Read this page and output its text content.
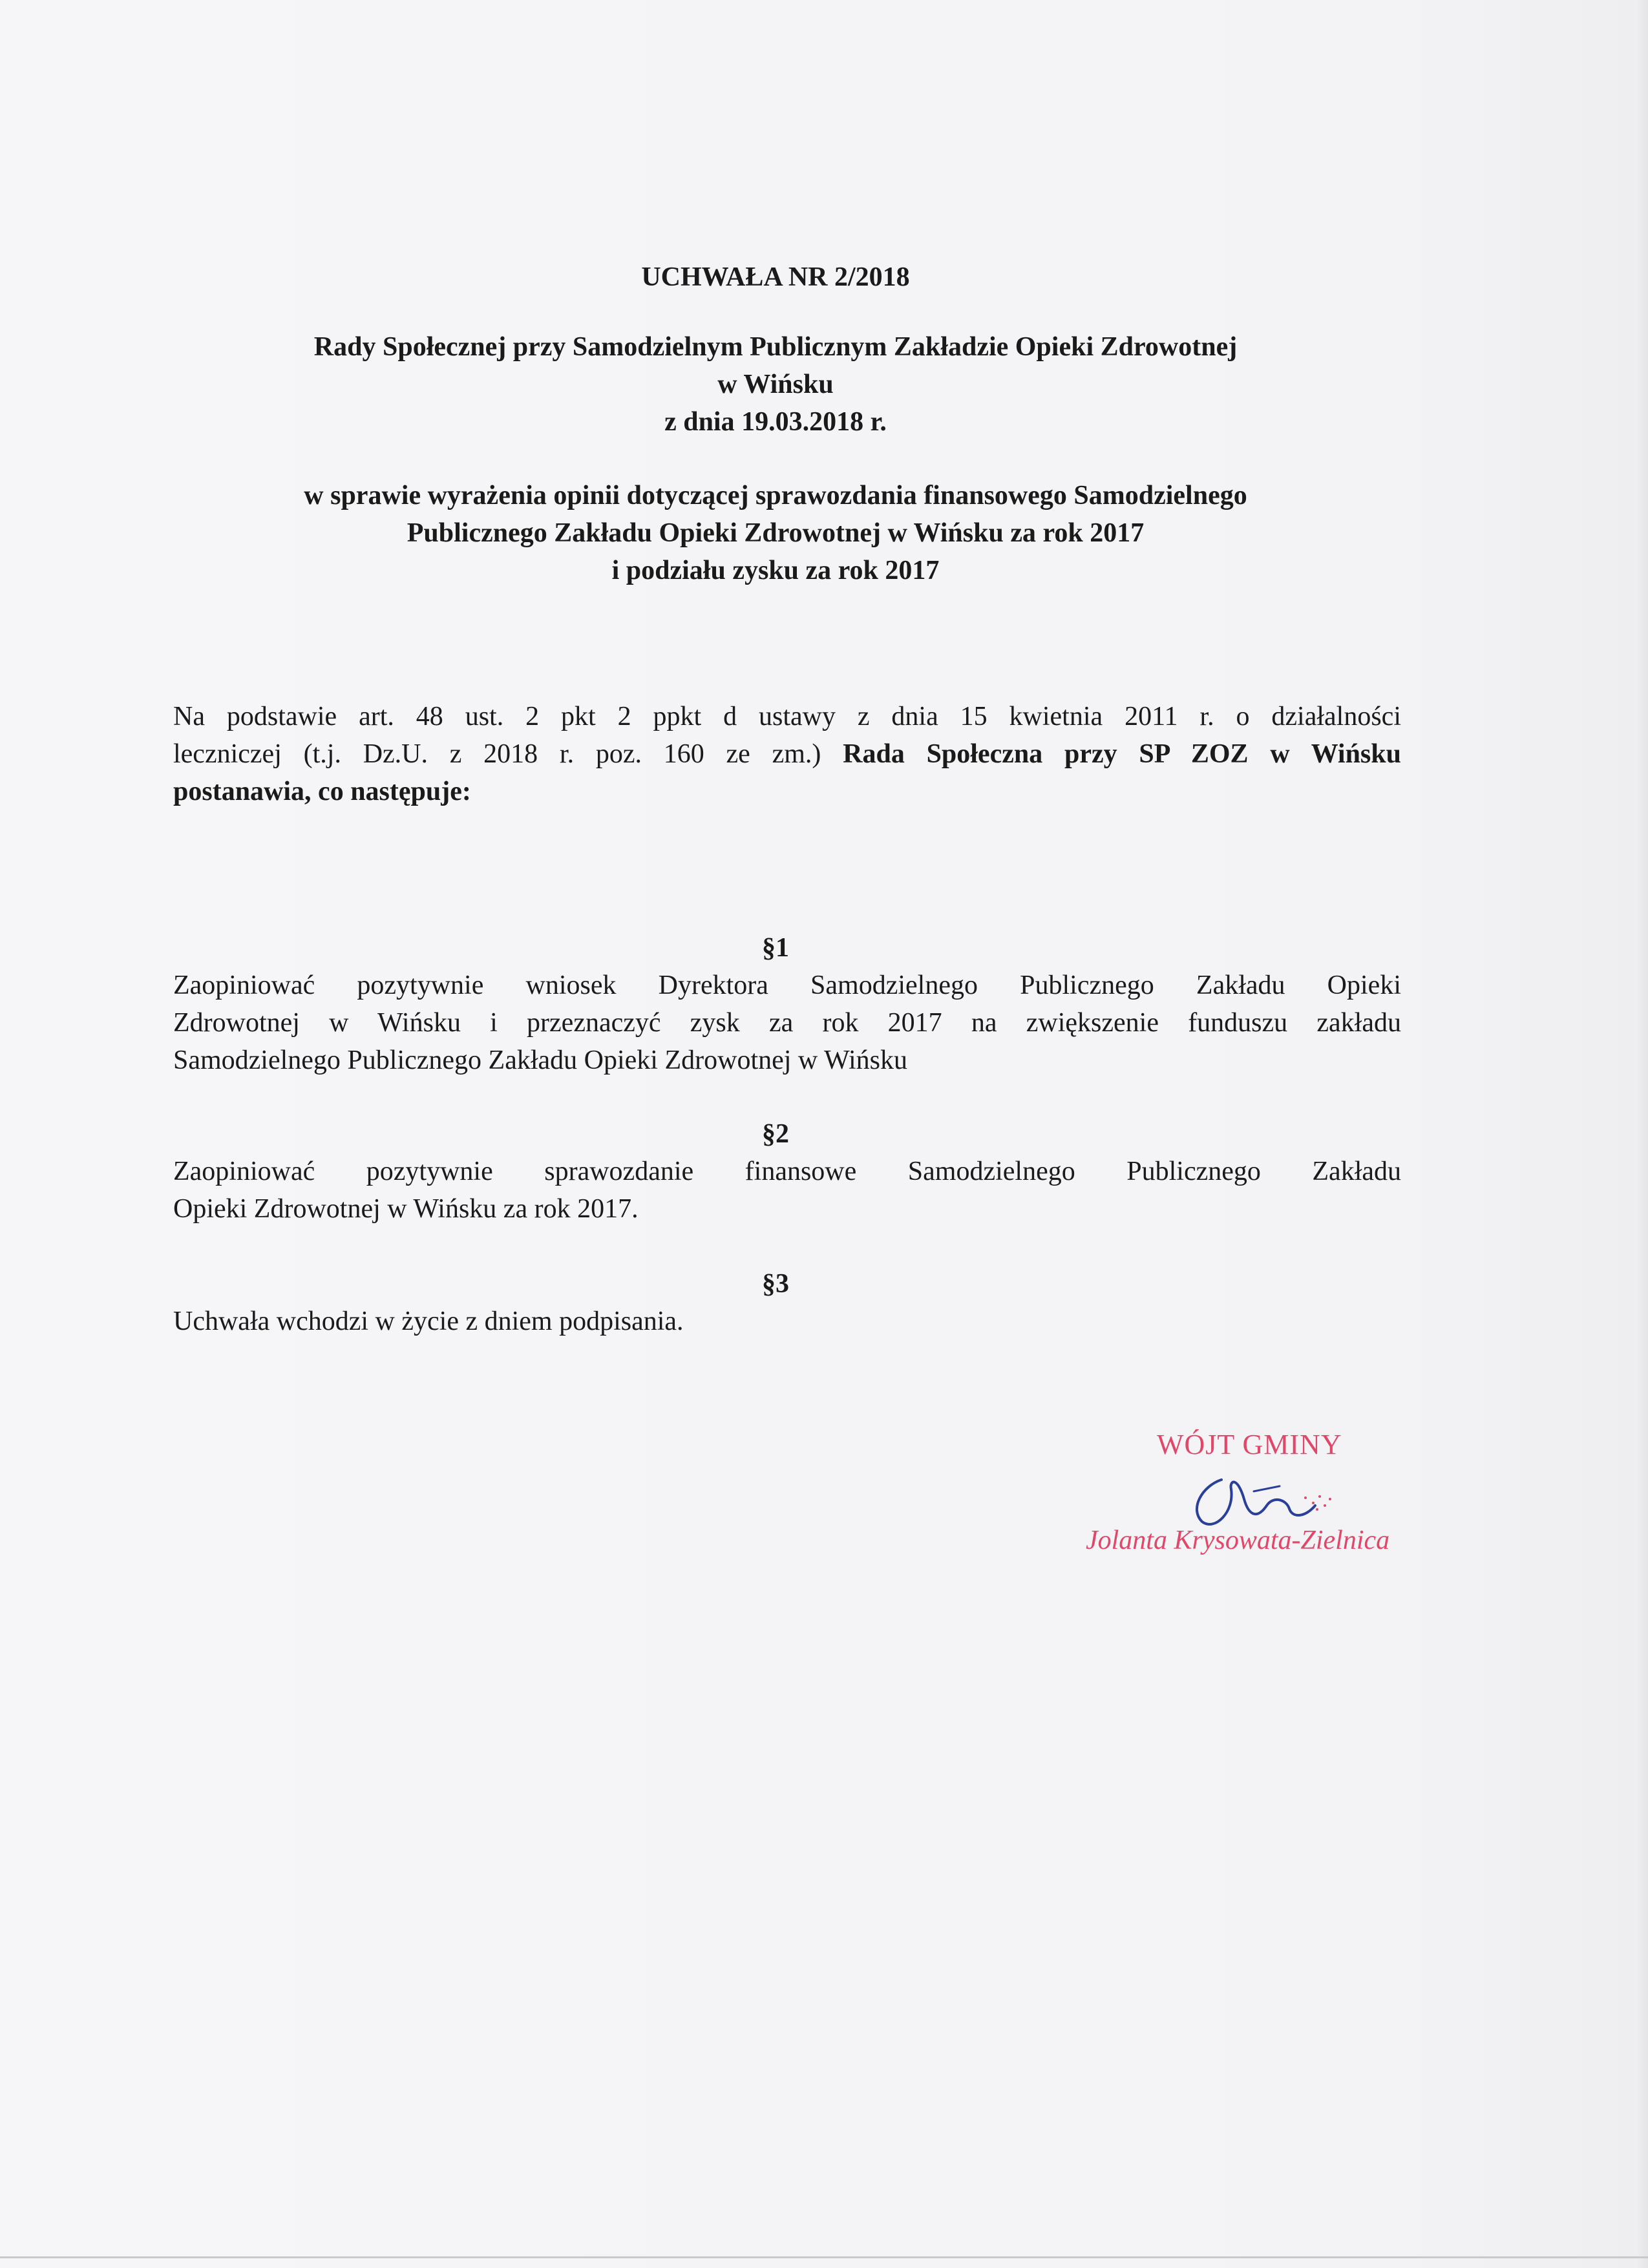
UCHWAŁA NR 2/2018
Rady Społecznej przy Samodzielnym Publicznym Zakładzie Opieki Zdrowotnej
w Wińsku
z dnia 19.03.2018 r.
w sprawie wyrażenia opinii dotyczącej sprawozdania finansowego Samodzielnego
Publicznego Zakładu Opieki Zdrowotnej w Wińsku za rok 2017
i podziału zysku za rok 2017
Na podstawie art. 48 ust. 2 pkt 2 ppkt d ustawy z dnia 15 kwietnia 2011 r. o działalności
leczniczej (t.j. Dz.U. z 2018 r. poz. 160 ze zm.) Rada Społeczna przy SP ZOZ w Wińsku
postanawia, co następuje:
§1
Zaopiniować pozytywnie wniosek Dyrektora Samodzielnego Publicznego Zakładu Opieki
Zdrowotnej w Wińsku i przeznaczyć zysk za rok 2017 na zwiększenie funduszu zakładu
Samodzielnego Publicznego Zakładu Opieki Zdrowotnej w Wińsku
§2
Zaopiniować pozytywnie sprawozdanie finansowe Samodzielnego Publicznego Zakładu
Opieki Zdrowotnej w Wińsku za rok 2017.
§3
Uchwała wchodzi w życie z dniem podpisania.
WÓJT GMINY
Jolanta Krysowata-Zielnica
